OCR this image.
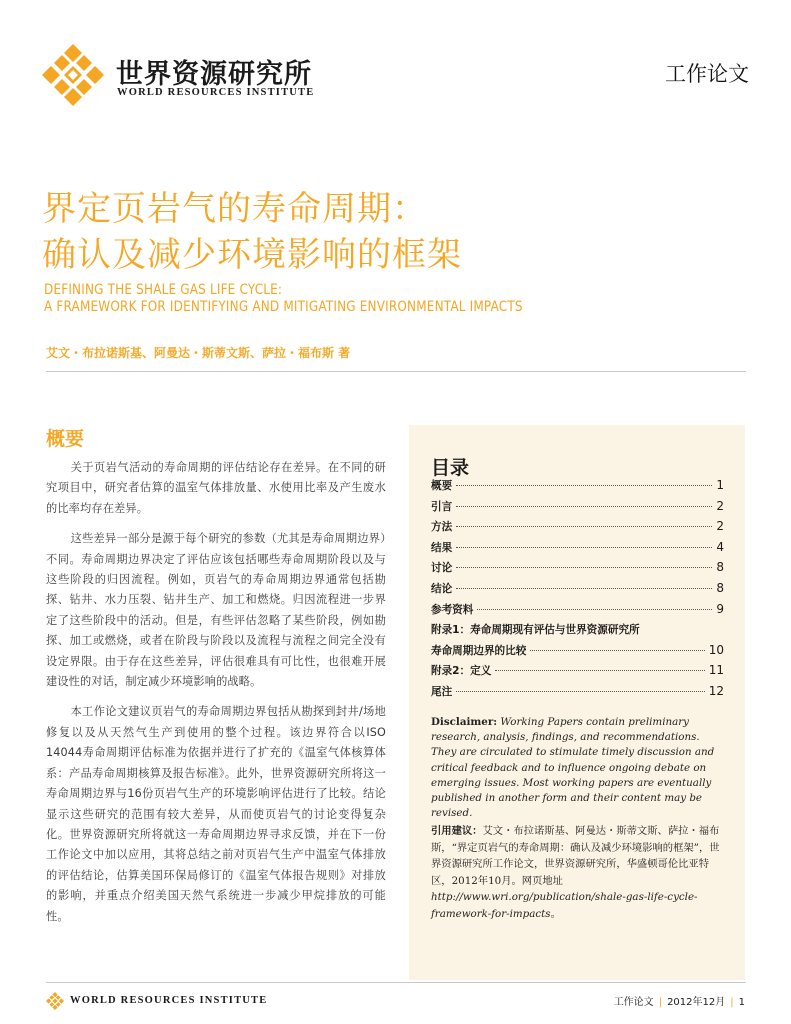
世界资源研究所
WORLD RESOURCES INSTITUTE
工作论文
界定页岩气的寿命周期：
确认及减少环境影响的框架
DEFINING THE SHALE GAS LIFE CYCLE:
A FRAMEWORK FOR IDENTIFYING AND MITIGATING ENVIRONMENTAL IMPACTS
艾文・布拉诺斯基、阿曼达・斯蒂文斯、萨拉・福布斯 著
概要

关于页岩气活动的寿命周期的评估结论存在差异。在不同的研究项目中，研究者估算的温室气体排放量、水使用比率及产生废水的比率均存在差异。

这些差异一部分是源于每个研究的参数（尤其是寿命周期边界）不同。寿命周期边界决定了评估应该包括哪些寿命周期阶段以及与这些阶段的归因流程。例如，页岩气的寿命周期边界通常包括勘探、钻井、水力压裂、钻井生产、加工和燃烧。归因流程进一步界定了这些阶段中的活动。但是，有些评估忽略了某些阶段，例如勘探、加工或燃烧，或者在阶段与阶段以及流程与流程之间完全没有设定界限。由于存在这些差异，评估很难具有可比性，也很难开展建设性的对话，制定减少环境影响的战略。

本工作论文建议页岩气的寿命周期边界包括从勘探到封井/场地修复以及从天然气生产到使用的整个过程。该边界符合以ISO 14044寿命周期评估标准为依据并进行了扩充的《温室气体核算体系：产品寿命周期核算及报告标准》。此外，世界资源研究所将这一寿命周期边界与16份页岩气生产的环境影响评估进行了比较。结论显示这些研究的范围有较大差异，从而使页岩气的讨论变得复杂化。世界资源研究所将就这一寿命周期边界寻求反馈，并在下一份工作论文中加以应用，其将总结之前对页岩气生产中温室气体排放的评估结论，估算美国环保局修订的《温室气体报告规则》对排放的影响，并重点介绍美国天然气系统进一步减少甲烷排放的可能性。

目录
概要	1
引言	2
方法	2
结果	4
讨论	8
结论	8
参考资料	9
附录1：寿命周期现有评估与世界资源研究所
寿命周期边界的比较	10
附录2：定义	11
尾注	12
Disclaimer: Working Papers contain preliminary research, analysis, findings, and recommendations. They are circulated to stimulate timely discussion and critical feedback and to influence ongoing debate on emerging issues. Most working papers are eventually published in another form and their content may be revised.
引用建议：艾文・布拉诺斯基、阿曼达・斯蒂文斯、萨拉・福布斯，“界定页岩气的寿命周期：确认及减少环境影响的框架”，世界资源研究所工作论文，世界资源研究所，华盛顿哥伦比亚特区，2012年10月。网页地址http://www.wri.org/publication/shale-gas-life-cycle-framework-for-impacts。
WORLD RESOURCES INSTITUTE	工作论文 | 2012年12月 | 1
